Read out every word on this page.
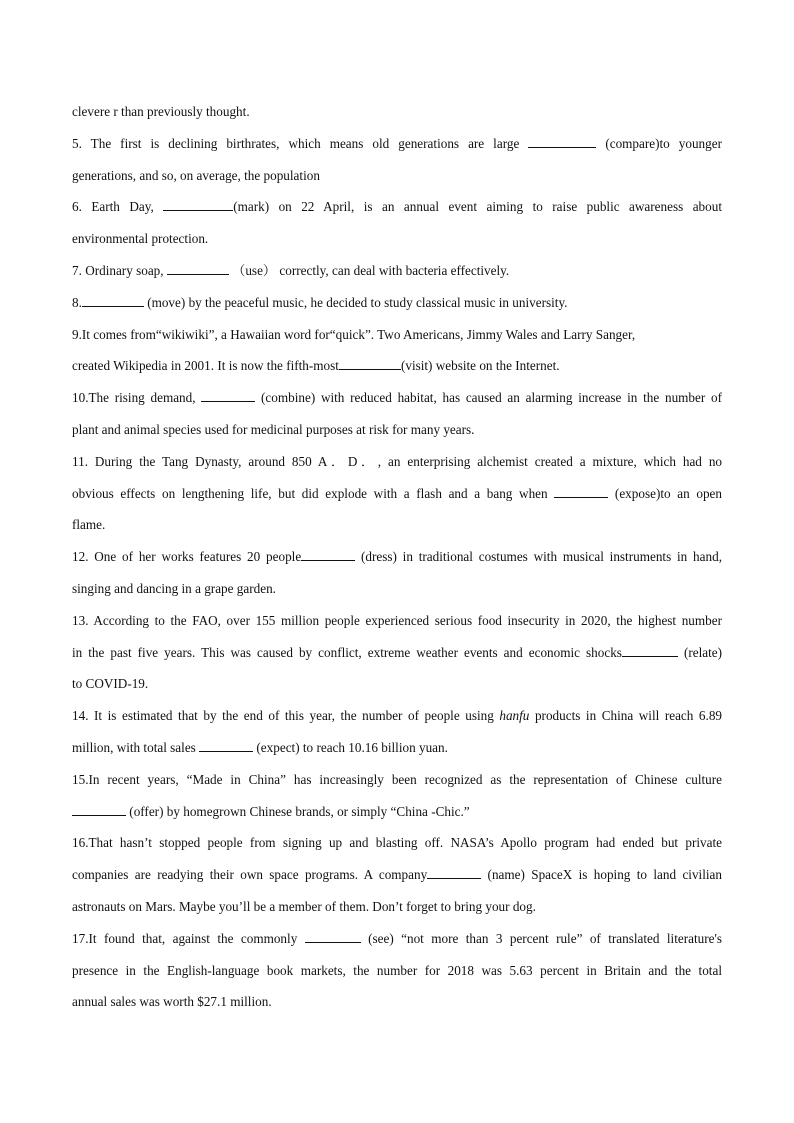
clevere r than previously thought.
5. The first is declining birthrates, which means old generations are large	(compare)to younger
generations, and so, on average, the population
6. Earth Day,	(mark) on 22 April, is an annual event aiming to raise public awareness about
environmental protection.
7. Ordinary soap,	（use） correctly, can deal with bacteria effectively.
8.	(move) by the peaceful music, he decided to study classical music in university.
9.It comes from“wikiwiki”, a Hawaiian word for“quick”. Two Americans, Jimmy Wales and Larry Sanger,
created Wikipedia in 2001. It is now the fifth-most	(visit) website on the Internet.
10.The rising demand,	(combine) with reduced habitat, has caused an alarming increase in the number of
plant and animal species used for medicinal purposes at risk for many years.
11. During the Tang Dynasty, around 850 A．D．, an enterprising alchemist created a mixture, which had no
obvious effects on lengthening life, but did explode with a flash and a bang when	(expose)to an open
flame.
12. One of her works features 20 people	(dress) in traditional costumes with musical instruments in hand,
singing and dancing in a grape garden.
13. According to the FAO, over 155 million people experienced serious food insecurity in 2020, the highest number
in the past five years. This was caused by conflict, extreme weather events and economic shocks	(relate)
to COVID-19.
14. It is estimated that by the end of this year, the number of people using hanfu products in China will reach 6.89
million, with total sales	(expect) to reach 10.16 billion yuan.
15.In recent years, “Made in China” has increasingly been recognized as the representation of Chinese culture
(offer) by homegrown Chinese brands, or simply “China -Chic.”
16.That hasn’t stopped people from signing up and blasting off. NASA’s Apollo program had ended but private
companies are readying their own space programs. A company	(name) SpaceX is hoping to land civilian
astronauts on Mars. Maybe you’ll be a member of them. Don’t forget to bring your dog.
17.It found that, against the commonly	(see) “not more than 3 percent rule” of translated literature's
presence in the English-language book markets, the number for 2018 was 5.63 percent in Britain and the total
annual sales was worth $27.1 million.
